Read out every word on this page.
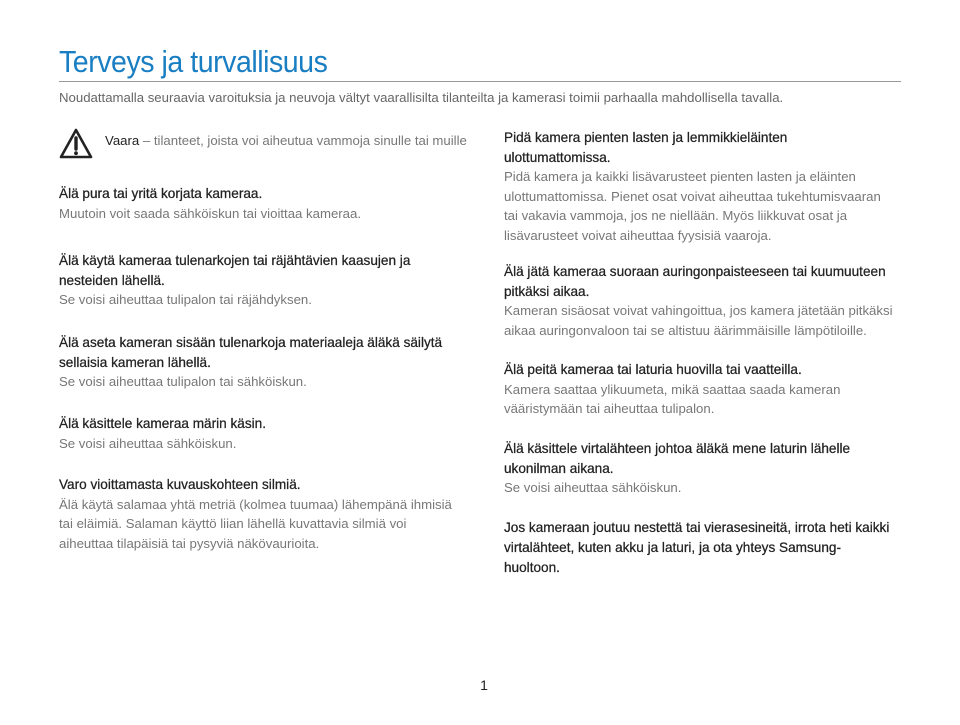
Terveys ja turvallisuus

Noudattamalla seuraavia varoituksia ja neuvoja vältyt vaarallisilta tilanteilta ja kamerasi toimii parhaalla mahdollisella tavalla.

Vaara – tilanteet, joista voi aiheutua vammoja sinulle tai muille

Älä pura tai yritä korjata kameraa.

Muutoin voit saada sähköiskun tai vioittaa kameraa.

Älä käytä kameraa tulenarkojen tai räjähtävien kaasujen ja nesteiden lähellä.

Se voisi aiheuttaa tulipalon tai räjähdyksen.

Älä aseta kameran sisään tulenarkoja materiaaleja äläkä säilytä sellaisia kameran lähellä.

Se voisi aiheuttaa tulipalon tai sähköiskun.

Älä käsittele kameraa märin käsin.

Se voisi aiheuttaa sähköiskun.

Varo vioittamasta kuvauskohteen silmiä.

Älä käytä salamaa yhtä metriä (kolmea tuumaa) lähempänä ihmisiä tai eläimiä. Salaman käyttö liian lähellä kuvattavia silmiä voi aiheuttaa tilapäisiä tai pysyviä näkövaurioita.

Pidä kamera pienten lasten ja lemmikkieläinten ulottumattomissa.

Pidä kamera ja kaikki lisävarusteet pienten lasten ja eläinten ulottumattomissa. Pienet osat voivat aiheuttaa tukehtumisvaaran tai vakavia vammoja, jos ne niellään. Myös liikkuvat osat ja lisävarusteet voivat aiheuttaa fyysisiä vaaroja.

Älä jätä kameraa suoraan auringonpaisteeseen tai kuumuuteen pitkäksi aikaa.

Kameran sisäosat voivat vahingoittua, jos kamera jätetään pitkäksi aikaa auringonvaloon tai se altistuu äärimmäisille lämpötiloille.

Älä peitä kameraa tai laturia huovilla tai vaatteilla.

Kamera saattaa ylikuumeta, mikä saattaa saada kameran vääristymään tai aiheuttaa tulipalon.

Älä käsittele virtalähteen johtoa äläkä mene laturin lähelle ukonilman aikana.

Se voisi aiheuttaa sähköiskun.

Jos kameraan joutuu nestettä tai vierasesineitä, irrota heti kaikki virtalähteet, kuten akku ja laturi, ja ota yhteys Samsung-huoltoon.

1
